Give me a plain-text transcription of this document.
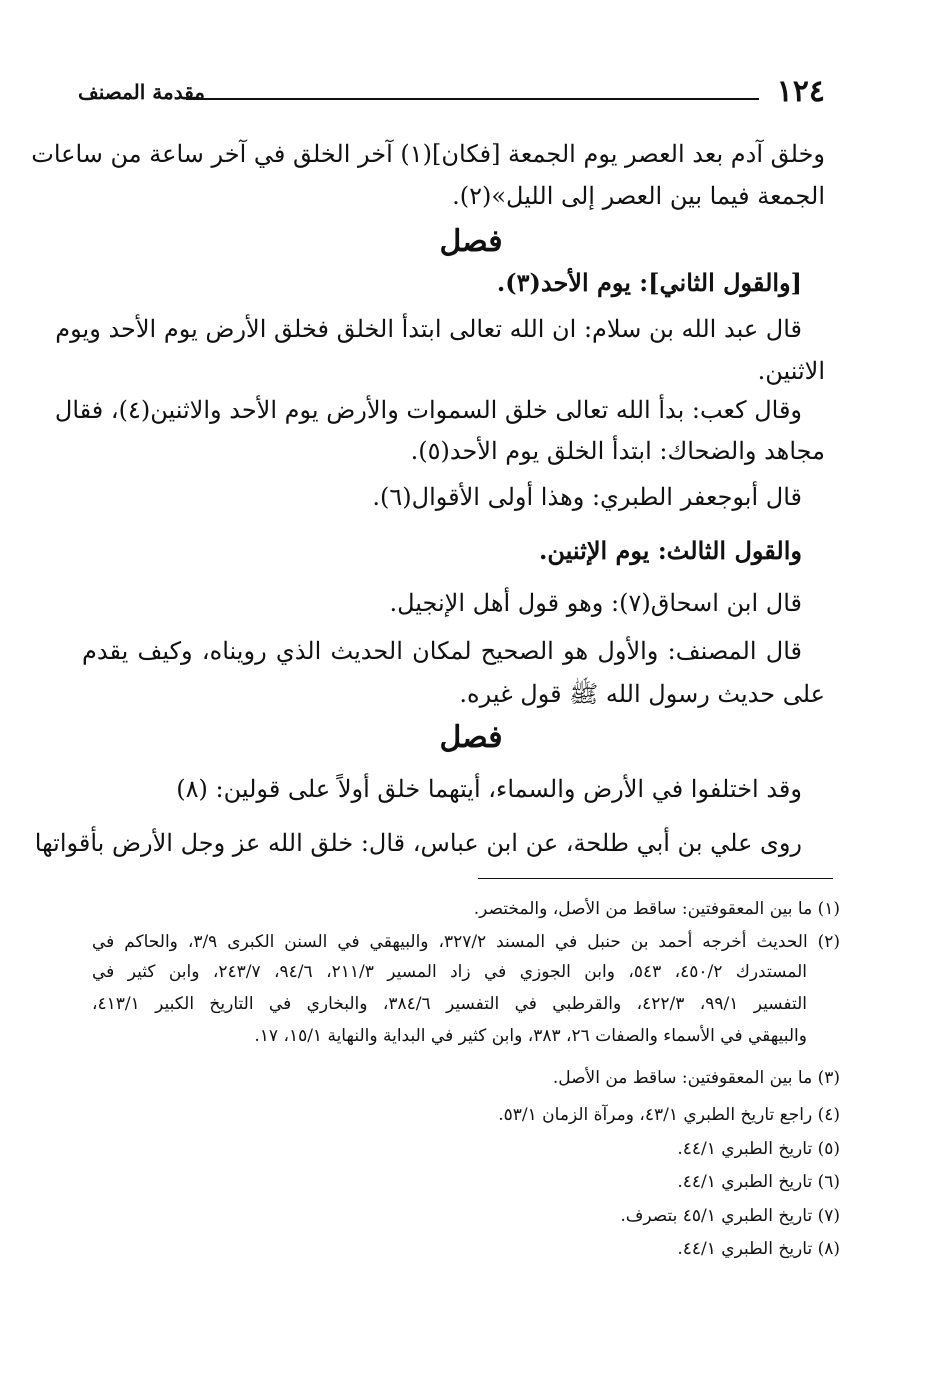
١٢٤
مقدمة المصنف
وخلق آدم بعد العصر يوم الجمعة [فكان](١) آخر الخلق في آخر ساعة من ساعات
الجمعة فيما بين العصر إلى الليل»(٢).
فصل
[والقول الثاني]: يوم الأحد(٣).
قال عبد الله بن سلام: ان الله تعالى ابتدأ الخلق فخلق الأرض يوم الأحد ويوم
الاثنين.
وقال كعب: بدأ الله تعالى خلق السموات والأرض يوم الأحد والاثنين(٤)، فقال
مجاهد والضحاك: ابتدأ الخلق يوم الأحد(٥).
قال أبوجعفر الطبري: وهذا أولى الأقوال(٦).
والقول الثالث: يوم الإثنين.
قال ابن اسحاق(٧): وهو قول أهل الإنجيل.
قال المصنف: والأول هو الصحيح لمكان الحديث الذي رويناه، وكيف يقدم
على حديث رسول الله ﷺ قول غيره.
فصل
وقد اختلفوا في الأرض والسماء، أيتهما خلق أولاً على قولين: (٨)
روى علي بن أبي طلحة، عن ابن عباس، قال: خلق الله عز وجل الأرض بأقواتها
(١) ما بين المعقوفتين: ساقط من الأصل، والمختصر.
(٢) الحديث أخرجه أحمد بن حنبل في المسند ٣٢٧/٢، والبيهقي في السنن الكبرى ٣/٩، والحاكم في
المستدرك ٤٥٠/٢، ٥٤٣، وابن الجوزي في زاد المسير ٢١١/٣، ٩٤/٦، ٢٤٣/٧، وابن كثير في
التفسير ٩٩/١، ٤٢٢/٣، والقرطبي في التفسير ٣٨٤/٦، والبخاري في التاريخ الكبير ٤١٣/١،
والبيهقي في الأسماء والصفات ٢٦، ٣٨٣، وابن كثير في البداية والنهاية ١٥/١، ١٧.
(٣) ما بين المعقوفتين: ساقط من الأصل.
(٤) راجع تاريخ الطبري ٤٣/١، ومرآة الزمان ٥٣/١.
(٥) تاريخ الطبري ٤٤/١.
(٦) تاريخ الطبري ٤٤/١.
(٧) تاريخ الطبري ٤٥/١ بتصرف.
(٨) تاريخ الطبري ٤٤/١.
